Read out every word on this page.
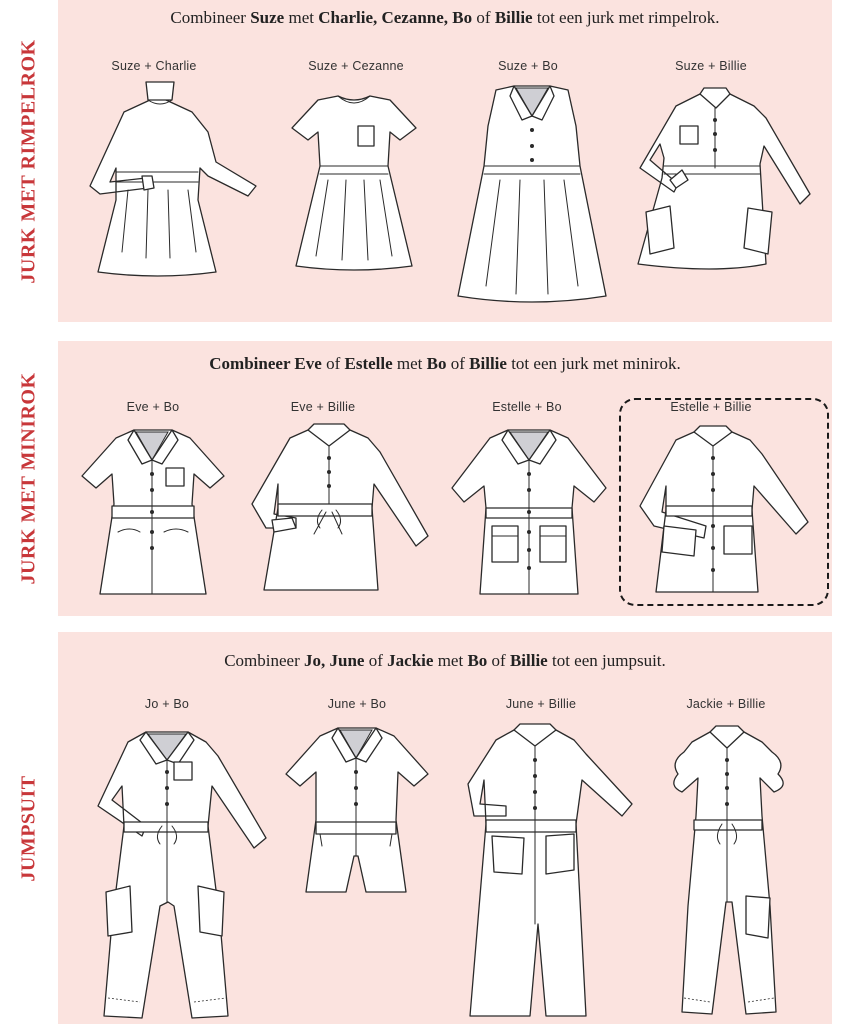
JURK MET RIMPELROK
JURK MET MINIROK
JUMPSUIT
Combineer Suze met Charlie, Cezanne, Bo of Billie tot een jurk met rimpelrok.
Combineer Eve of Estelle met Bo of Billie tot een jurk met minirok.
Combineer Jo, June of Jackie met Bo of Billie tot een jumpsuit.
Suze + Charlie	Suze + Cezanne	Suze + Bo	Suze + Billie
Eve + Bo	Eve + Billie	Estelle + Bo	Estelle + Billie
Jo + Bo	June + Bo	June + Billie	Jackie + Billie
